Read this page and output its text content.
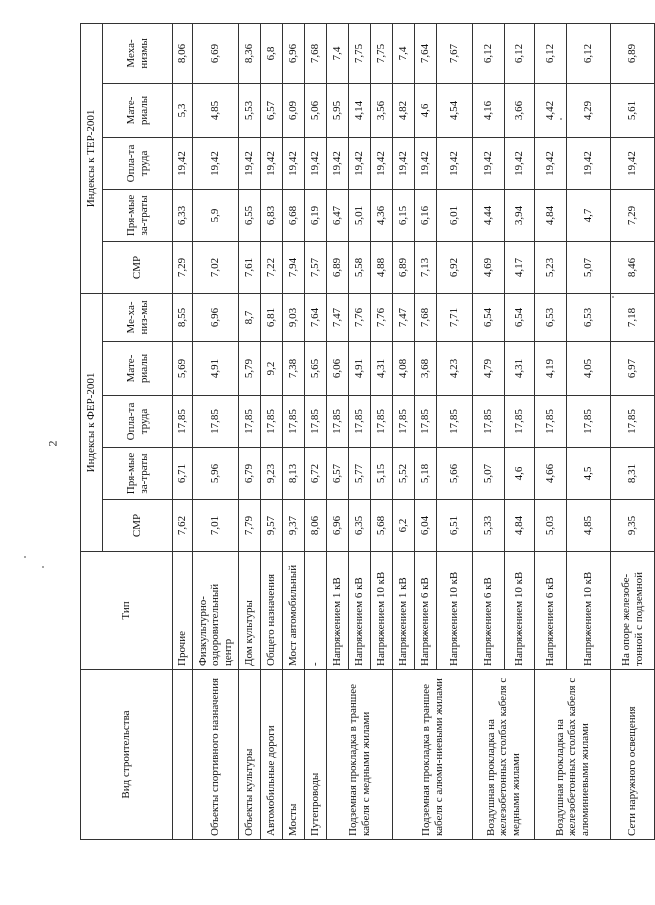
2
Вид строительства	Тип	Индексы к ФЕР-2001					Индексы к ТЕР-2001				
		СМР	Пря-мые за-траты	Опла-та труда	Мате-риалы	Ме-ха-низ-мы	СМР	Пря-мые за-траты	Опла-та труда	Мате-риалы	Меха-низмы
	Прочие	7,62	6,71	17,85	5,69	8,55	7,29	6,33	19,42	5,3	8,06
Объекты спортивного назначения	Физкультурно-оздоровительный центр	7,01	5,96	17,85	4,91	6,96	7,02	5,9	19,42	4,85	6,69
Объекты культуры	Дом культуры	7,79	6,79	17,85	5,79	8,7	7,61	6,55	19,42	5,53	8,36
Автомобильные дороги	Общего назначения	9,57	9,23	17,85	9,2	6,81	7,22	6,83	19,42	6,57	6,8
Мосты	Мост автомобильный	9,37	8,13	17,85	7,38	9,03	7,94	6,68	19,42	6,09	6,96
Путепроводы	-	8,06	6,72	17,85	5,65	7,64	7,57	6,19	19,42	5,06	7,68
Подземная прокладка в траншее кабеля с медными жилами	Напряжением 1 кВ	6,96	6,57	17,85	6,06	7,47	6,89	6,47	19,42	5,95	7,4
	Напряжением 6 кВ	6,35	5,77	17,85	4,91	7,76	5,58	5,01	19,42	4,14	7,75
	Напряжением 10 кВ	5,68	5,15	17,85	4,31	7,76	4,88	4,36	19,42	3,56	7,75
Подземная прокладка в траншее кабеля с алюми-ниевыми жилами	Напряжением 1 кВ	6,2	5,52	17,85	4,08	7,47	6,89	6,15	19,42	4,82	7,4
	Напряжением 6 кВ	6,04	5,18	17,85	3,68	7,68	7,13	6,16	19,42	4,6	7,64
	Напряжением 10 кВ	6,51	5,66	17,85	4,23	7,71	6,92	6,01	19,42	4,54	7,67
Воздушная прокладка на железобетонных столбах кабеля с медными жилами	Напряжением 6 кВ	5,33	5,07	17,85	4,79	6,54	4,69	4,44	19,42	4,16	6,12
	Напряжением 10 кВ	4,84	4,6	17,85	4,31	6,54	4,17	3,94	19,42	3,66	6,12
Воздушная прокладка на железобетонных столбах кабеля с алюминиевыми жилами	Напряжением 6 кВ	5,03	4,66	17,85	4,19	6,53	5,23	4,84	19,42	4,42	6,12
	Напряжением 10 кВ	4,85	4,5	17,85	4,05	6,53	5,07	4,7	19,42	4,29	6,12
Сети наружного освещения	На опоре железобе-тонной с подземной	9,35	8,31	17,85	6,97	7,18	8,46	7,29	19,42	5,61	6,89
